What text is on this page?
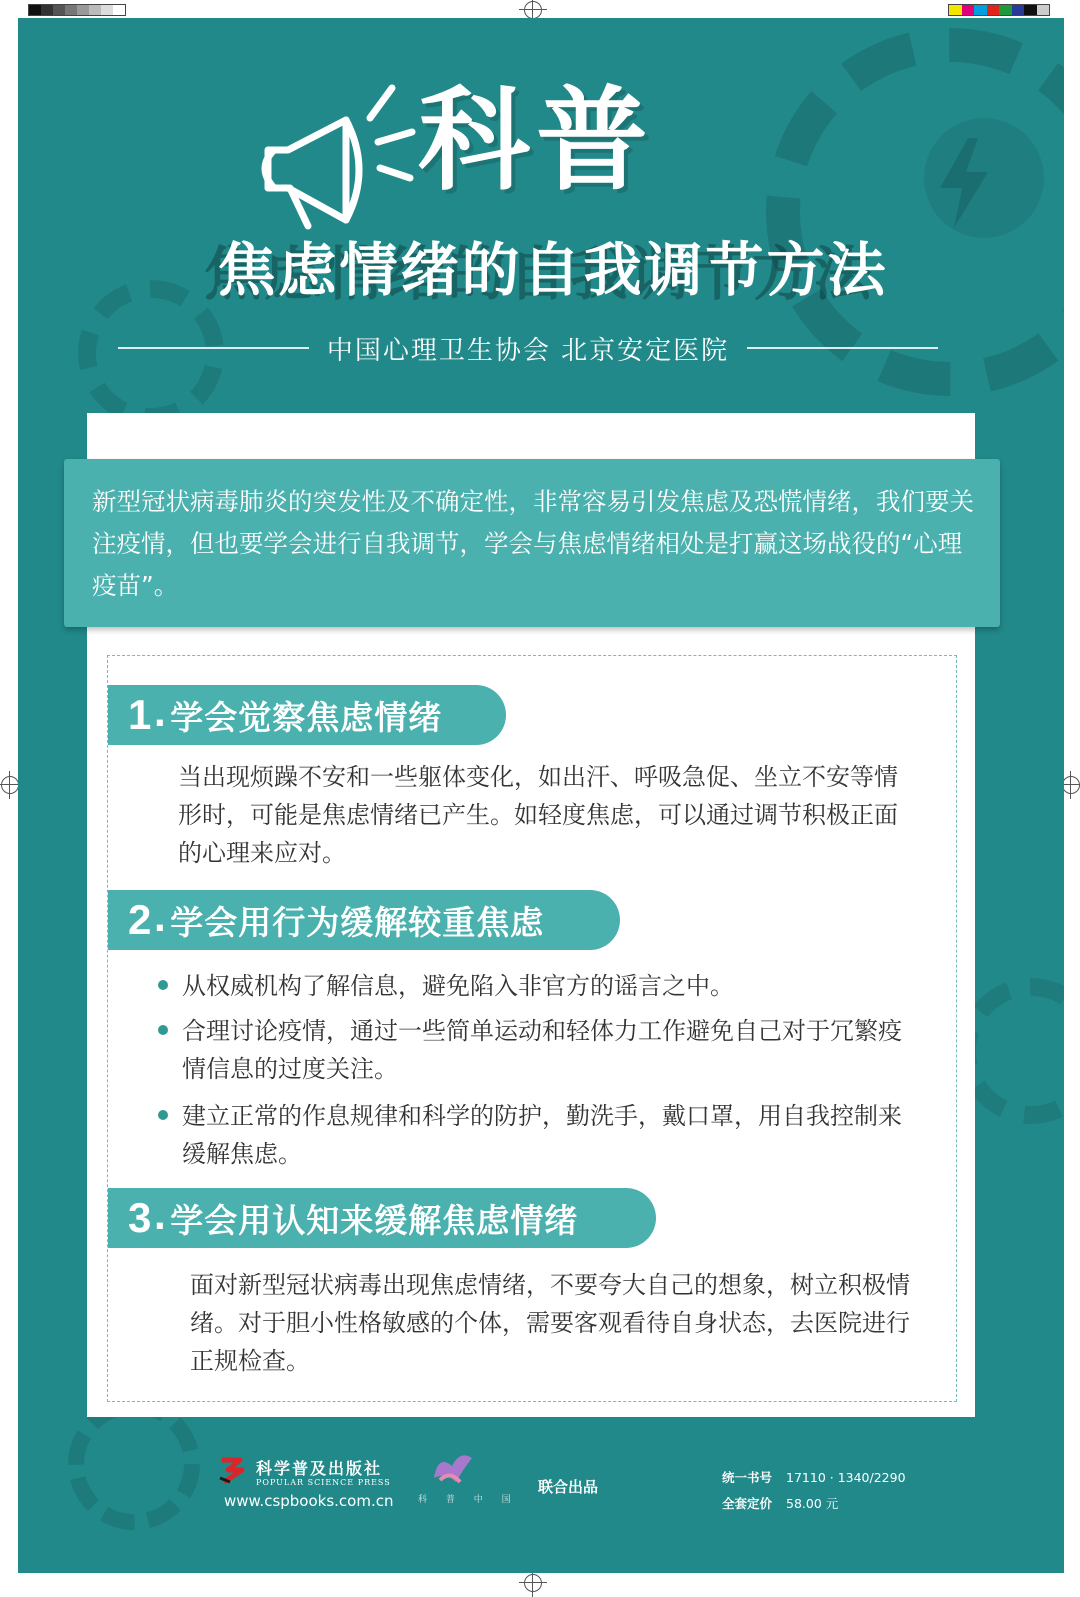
科普
焦虑情绪的自我调节方法
中国心理卫生协会 北京安定医院
新型冠状病毒肺炎的突发性及不确定性，非常容易引发焦虑及恐慌情绪，我们要关注疫情，但也要学会进行自我调节，学会与焦虑情绪相处是打赢这场战役的“心理疫苗”。
1 . 学会觉察焦虑情绪
当出现烦躁不安和一些躯体变化，如出汗、呼吸急促、坐立不安等情形时，可能是焦虑情绪已产生。如轻度焦虑，可以通过调节积极正面的心理来应对。
2 . 学会用行为缓解较重焦虑
从权威机构了解信息，避免陷入非官方的谣言之中。
合理讨论疫情，通过一些简单运动和轻体力工作避免自己对于冗繁疫情信息的过度关注。
建立正常的作息规律和科学的防护，勤洗手，戴口罩，用自我控制来缓解焦虑。
3 . 学会用认知来缓解焦虑情绪
面对新型冠状病毒出现焦虑情绪，不要夸大自己的想象，树立积极情绪。对于胆小性格敏感的个体，需要客观看待自身状态，去医院进行正规检查。
科学普及出版社
POPULAR SCIENCE PRESS
www.cspbooks.com.cn	科 普 中 国
联合出品
统一书号 17110 · 1340/2290
全套定价 58.00 元
